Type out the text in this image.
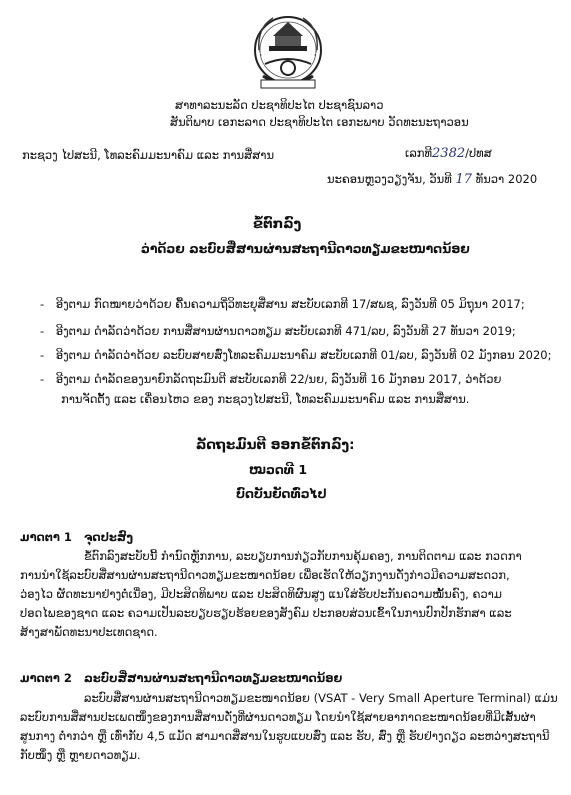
ສາທາລະນະລັດ ປະຊາທິປະໄຕ ປະຊາຊົນລາວ

ສັນຕິພາບ ເອກະລາດ ປະຊາທິປະໄຕ ເອກະພາບ ວັດທະນະຖາວອນ

ກະຊວງ ໄປສະນີ, ໂທລະຄົມມະນາຄົມ ແລະ ການສື່ສານ	ເລກທີ2382/ປທສ
ນະຄອນຫຼວງວຽງຈັນ, ວັນທີ 17 ທັນວາ 2020

ຂໍ້ຕົກລົງ

ວ່າດ້ວຍ ລະບົບສື່ສານຜ່ານສະຖານີດາວທຽມຂະໜາດນ້ອຍ

- ອີງຕາມ ກົດໝາຍວ່າດ້ວຍ ຄື້ນຄວາມຖີ່ວິທະຍຸສື່ສານ ສະບັບເລກທີ 17/ສພຊ, ລົງວັນທີ 05 ມິຖຸນາ 2017;
- ອີງຕາມ ດຳລັດວ່າດ້ວຍ ການສື່ສານຜ່ານດາວທຽມ ສະບັບເລກທີ 471/ລບ, ລົງວັນທີ 27 ທັນວາ 2019;
- ອີງຕາມ ດຳລັດວ່າດ້ວຍ ລະບົບສາຍສົ່ງໂທລະຄົມມະນາຄົມ ສະບັບເລກທີ 01/ລບ, ລົງວັນທີ 02 ມັງກອນ 2020;
- ອີງຕາມ ດຳລັດຂອງນາຍົກລັດຖະມົນຕີ ສະບັບເລກທີ 22/ນຍ, ລົງວັນທີ 16 ມັງກອນ 2017, ວ່າດ້ວຍ

ການຈັດຕັ້ງ ແລະ ເຄື່ອນໄຫວ ຂອງ ກະຊວງໄປສະນີ, ໂທລະຄົມມະນາຄົມ ແລະ ການສື່ສານ.

ລັດຖະມົນຕີ ອອກຂໍ້ຕົກລົງ:

ໝວດທີ 1

ບົດບັນຍັດທົ່ວໄປ

ມາດຕາ 1 ຈຸດປະສົງ

ຂໍ້ຕົກລົງສະບັບນີ້ ກຳນົດຫຼັກການ, ລະບຽບການກ່ຽວກັບການຄຸ້ມຄອງ, ການຕິດຕາມ ແລະ ກວດກາ
ການນຳໃຊ້ລະບົບສື່ສານຜ່ານສະຖານີດາວທຽມຂະໜາດນ້ອຍ ເພື່ອເຮັດໃຫ້ວຽກງານດັ່ງກ່າວມີຄວາມສະດວກ,
ວ່ອງໄວ ຜັດທະນາຢ່າງຕໍ່ເນື່ອງ, ມີປະສິດທິພາບ ແລະ ປະສິດທິຜົນສູງ ແນໃສ່ຮັບປະກັນຄວາມໝັ້ນຄົງ, ຄວາມ
ປອດໄພຂອງຊາດ ແລະ ຄວາມເປັນລະບຽບຮຽບຮ້ອຍຂອງສັງຄົມ ປະກອບສ່ວນເຂົ້າໃນການປົກປັກຮັກສາ ແລະ
ສ້າງສາພັດທະນາປະເທດຊາດ.

ມາດຕາ 2 ລະບົບສື່ສານຜ່ານສະຖານີດາວທຽມຂະໜາດນ້ອຍ

ລະບົບສື່ສານຜ່ານສະຖານີດາວທຽມຂະໜາດນ້ອຍ (VSAT - Very Small Aperture Terminal) ແມ່ນ
ລະບົບການສື່ສານປະເພດໜຶ່ງຂອງການສື່ສານດັ່ງທີ່ຜ່ານດາວທຽມ ໂດຍນຳໃຊ້ສາຍອາກາດຂະໜາດນ້ອຍທີ່ມີເສັ້ນຜ່າ
ສູນກາງ ຕ່ຳກວ່າ ຫຼື ເທົ່າກັບ 4,5 ແມັດ ສາມາດສື່ສານໃນຮູບແບບສົ່ງ ແລະ ຮັບ, ສົ່ງ ຫຼື ຮັບຢ່າງດຽວ ລະຫວ່າງສະຖານີ
ກັບໜຶ່ງ ຫຼື ຫຼາຍດາວທຽມ.
